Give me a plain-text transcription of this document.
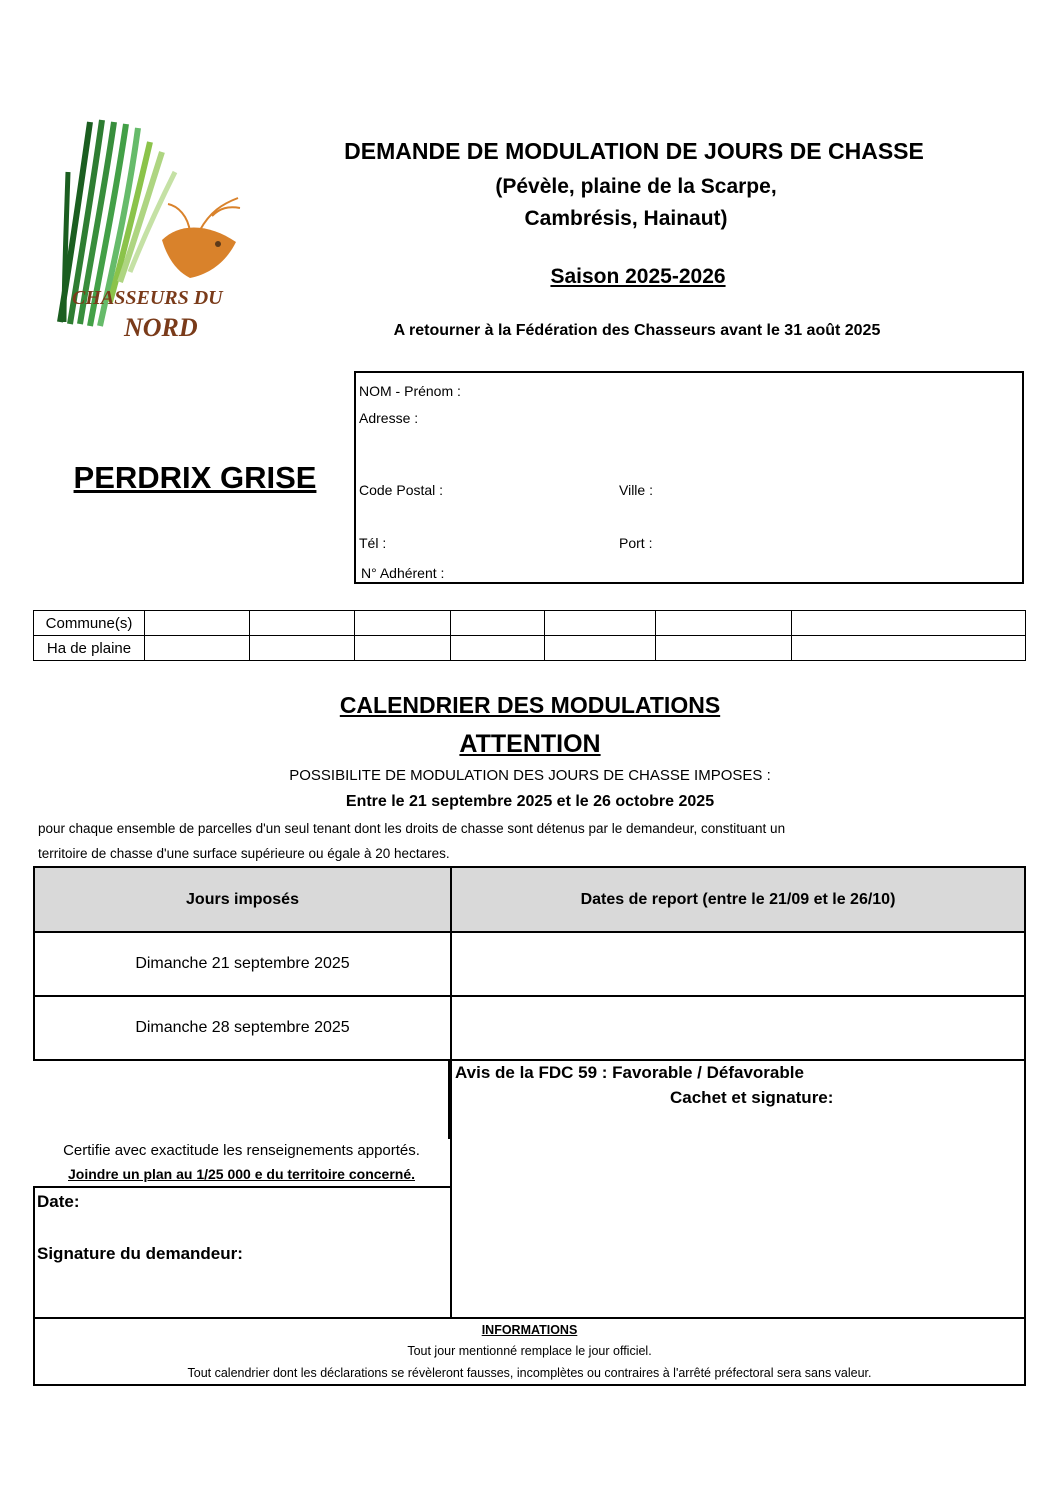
CHASSEURS DU
NORD
DEMANDE DE MODULATION DE JOURS DE CHASSE
(Pévèle, plaine de la Scarpe,
Cambrésis, Hainaut)
Saison 2025-2026
A retourner à la Fédération des Chasseurs avant le 31 août 2025
PERDRIX GRISE
NOM - Prénom :
Adresse :
Code Postal :	Ville :
Tél :	Port :
N° Adhérent :
Commune(s)							
Ha de plaine							
CALENDRIER DES MODULATIONS
ATTENTION
POSSIBILITE DE MODULATION DES JOURS DE CHASSE IMPOSES :
Entre le 21 septembre 2025 et le 26 octobre 2025
pour chaque ensemble de parcelles d'un seul tenant dont les droits de chasse sont détenus par le demandeur, constituant un
territoire de chasse d'une surface supérieure ou égale à 20 hectares.
Jours imposés	Dates de report (entre le 21/09 et le 26/10)
Dimanche 21 septembre 2025
Dimanche 28 septembre 2025
Avis de la FDC 59 : Favorable / Défavorable
Cachet et signature:
Certifie avec exactitude les renseignements apportés.
Joindre un plan au 1/25 000 e du territoire concerné.
Date:
Signature du demandeur:
INFORMATIONS
Tout jour mentionné remplace le jour officiel.
Tout calendrier dont les déclarations se révèleront fausses, incomplètes ou contraires à l'arrêté préfectoral sera sans valeur.
